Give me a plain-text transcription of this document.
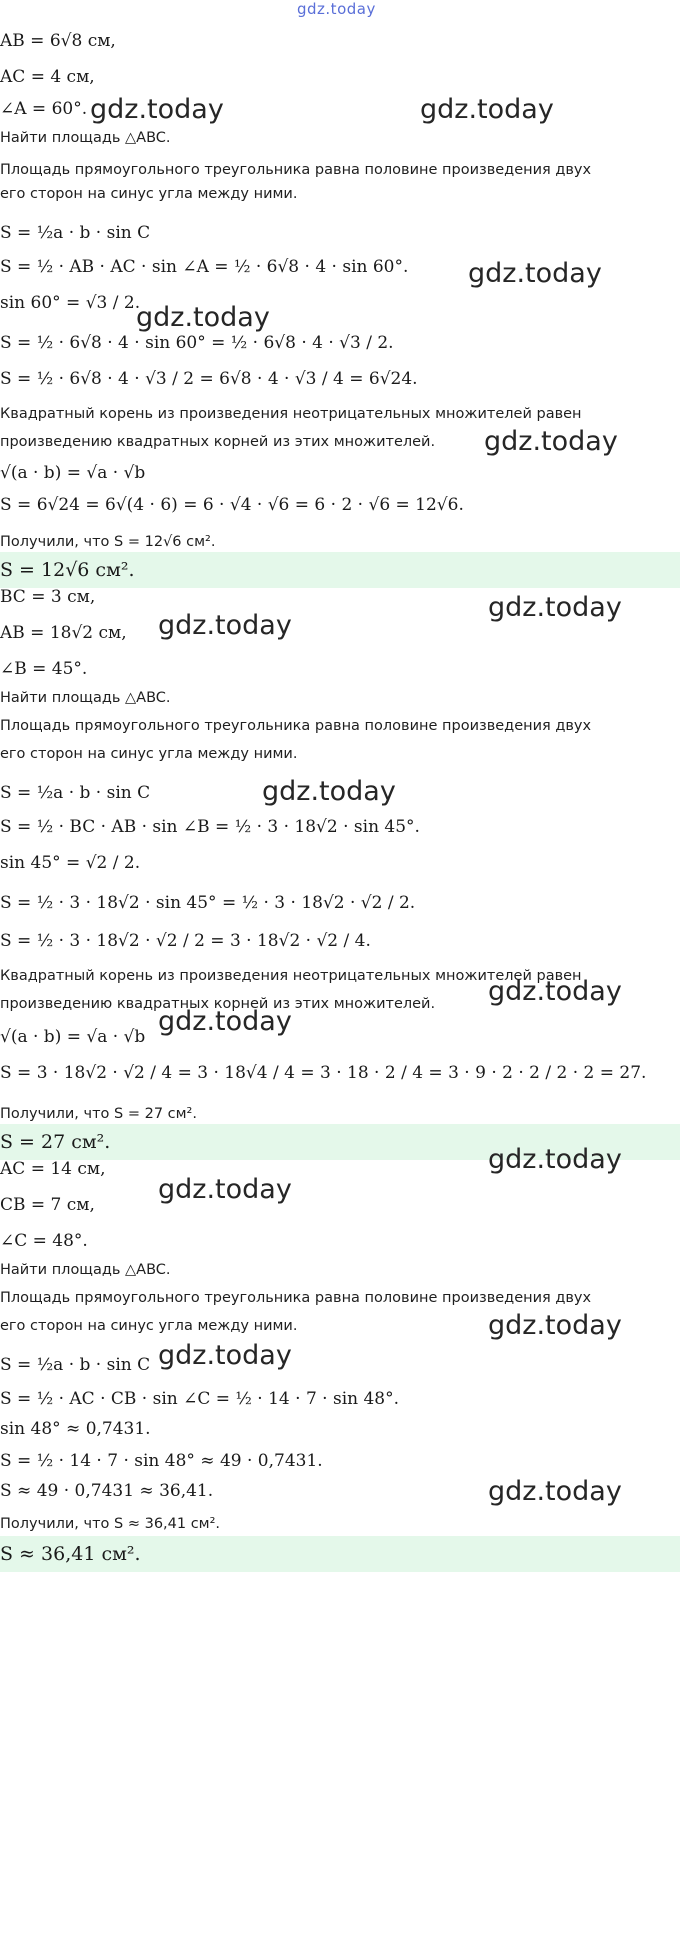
gdz.today
AB = 6√8 см,
AC = 4 см,
∠A = 60°.
Найти площадь △ABC.
Площадь прямоугольного треугольника равна половине произведения двух
его сторон на синус угла между ними.
S = ½a · b · sin C
S = ½ · AB · AC · sin ∠A = ½ · 6√8 · 4 · sin 60°.
sin 60° = √3 / 2.
S = ½ · 6√8 · 4 · sin 60° = ½ · 6√8 · 4 · √3 / 2.
S = ½ · 6√8 · 4 · √3 / 2 = 6√8 · 4 · √3 / 4 = 6√24.
Квадратный корень из произведения неотрицательных множителей равен
произведению квадратных корней из этих множителей.
√(a · b) = √a · √b
S = 6√24 = 6√(4 · 6) = 6 · √4 · √6 = 6 · 2 · √6 = 12√6.
Получили, что S = 12√6 см².
S = 12√6 см².
BC = 3 см,
AB = 18√2 см,
∠B = 45°.
Найти площадь △ABC.
Площадь прямоугольного треугольника равна половине произведения двух
его сторон на синус угла между ними.
S = ½a · b · sin C
S = ½ · BC · AB · sin ∠B = ½ · 3 · 18√2 · sin 45°.
sin 45° = √2 / 2.
S = ½ · 3 · 18√2 · sin 45° = ½ · 3 · 18√2 · √2 / 2.
S = ½ · 3 · 18√2 · √2 / 2 = 3 · 18√2 · √2 / 4.
Квадратный корень из произведения неотрицательных множителей равен
произведению квадратных корней из этих множителей.
√(a · b) = √a · √b
S = 3 · 18√2 · √2 / 4 = 3 · 18√4 / 4 = 3 · 18 · 2 / 4 = 3 · 9 · 2 · 2 / 2 · 2 = 27.
Получили, что S = 27 см².
S = 27 см².
AC = 14 см,
CB = 7 см,
∠C = 48°.
Найти площадь △ABC.
Площадь прямоугольного треугольника равна половине произведения двух
его сторон на синус угла между ними.
S = ½a · b · sin C
S = ½ · AC · CB · sin ∠C = ½ · 14 · 7 · sin 48°.
sin 48° ≈ 0,7431.
S = ½ · 14 · 7 · sin 48° ≈ 49 · 0,7431.
S ≈ 49 · 0,7431 ≈ 36,41.
Получили, что S ≈ 36,41 см².
S ≈ 36,41 см².
gdz.today	gdz.today
gdz.today
gdz.today
gdz.today
gdz.today
gdz.today
gdz.today
gdz.today
gdz.today
gdz.today
gdz.today
gdz.today
gdz.today
gdz.today
